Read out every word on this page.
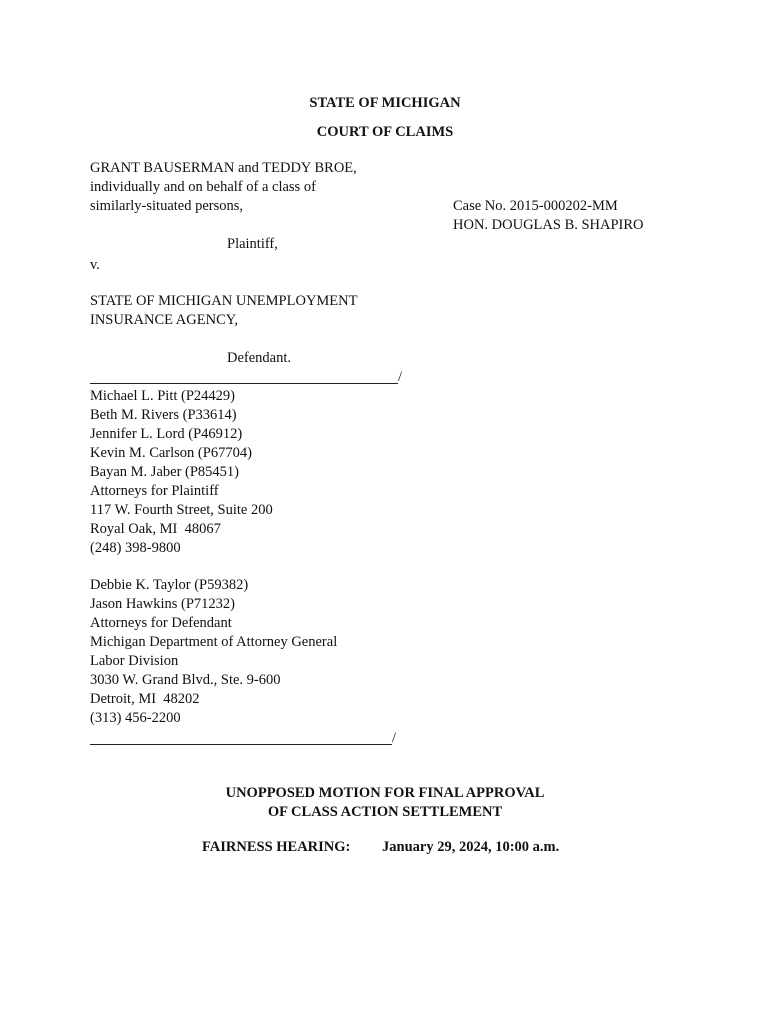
STATE OF MICHIGAN
COURT OF CLAIMS
GRANT BAUSERMAN and TEDDY BROE,
individually and on behalf of a class of
similarly-situated persons,	Case No. 2015-000202-MM
HON. DOUGLAS B. SHAPIRO
Plaintiff,
v.
STATE OF MICHIGAN UNEMPLOYMENT
INSURANCE AGENCY,
Defendant.
/
Michael L. Pitt (P24429)
Beth M. Rivers (P33614)
Jennifer L. Lord (P46912)
Kevin M. Carlson (P67704)
Bayan M. Jaber (P85451)
Attorneys for Plaintiff
117 W. Fourth Street, Suite 200
Royal Oak, MI  48067
(248) 398-9800
Debbie K. Taylor (P59382)
Jason Hawkins (P71232)
Attorneys for Defendant
Michigan Department of Attorney General
Labor Division
3030 W. Grand Blvd., Ste. 9-600
Detroit, MI  48202
(313) 456-2200
/
UNOPPOSED MOTION FOR FINAL APPROVAL
OF CLASS ACTION SETTLEMENT
FAIRNESS HEARING: January 29, 2024, 10:00 a.m.
